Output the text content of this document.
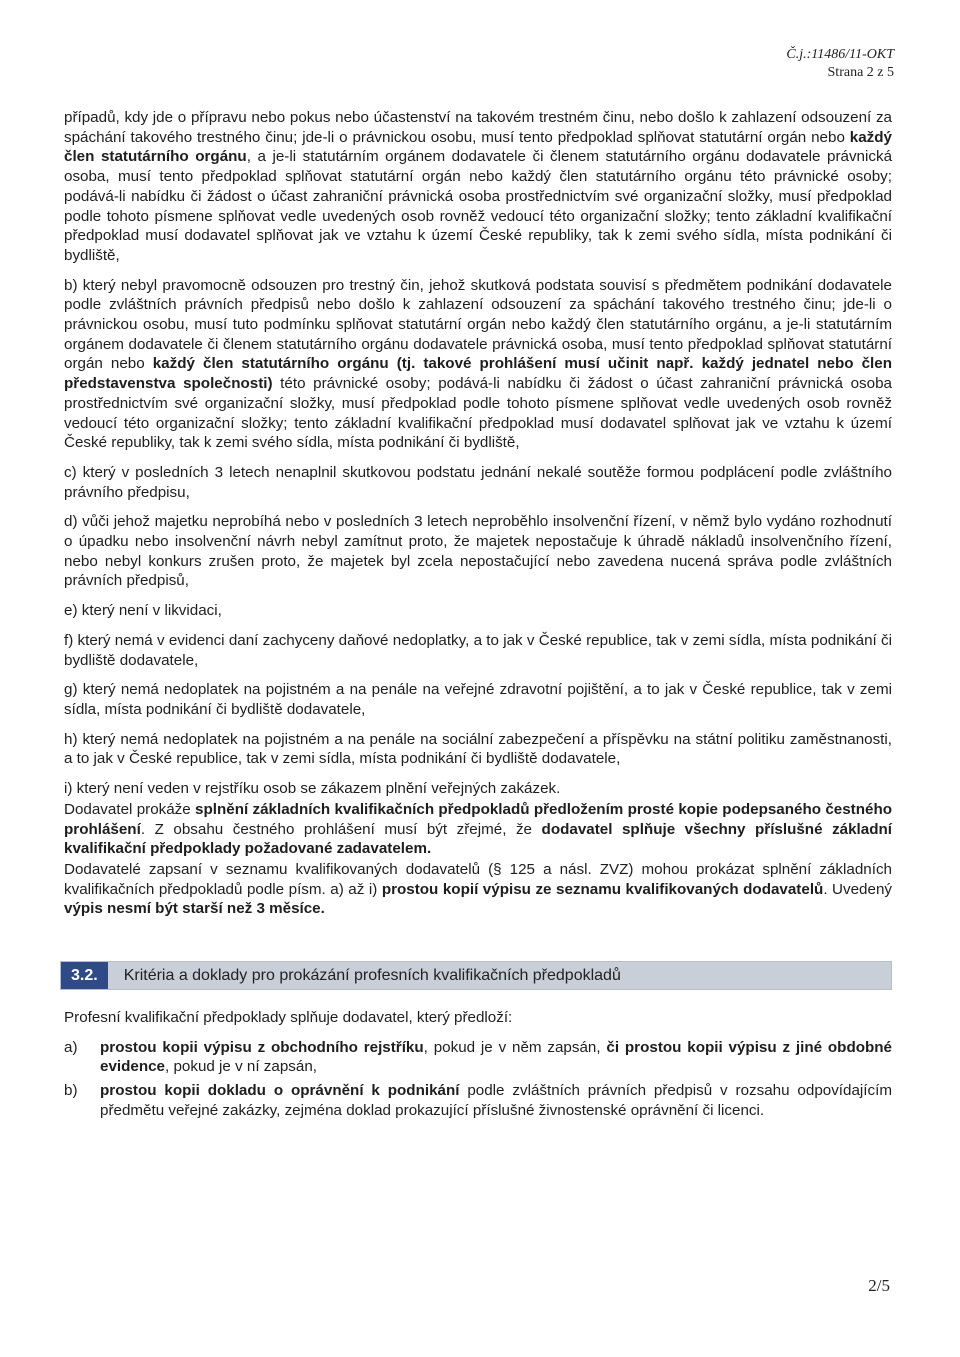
Č.j.:11486/11-OKT
Strana 2 z 5

případů, kdy jde o přípravu nebo pokus nebo účastenství na takovém trestném činu, nebo došlo k zahlazení odsouzení za spáchání takového trestného činu; jde-li o právnickou osobu, musí tento předpoklad splňovat statutární orgán nebo každý člen statutárního orgánu, a je-li statutárním orgánem dodavatele či členem statutárního orgánu dodavatele právnická osoba, musí tento předpoklad splňovat statutární orgán nebo každý člen statutárního orgánu této právnické osoby; podává-li nabídku či žádost o účast zahraniční právnická osoba prostřednictvím své organizační složky, musí předpoklad podle tohoto písmene splňovat vedle uvedených osob rovněž vedoucí této organizační složky; tento základní kvalifikační předpoklad musí dodavatel splňovat jak ve vztahu k území České republiky, tak k zemi svého sídla, místa podnikání či bydliště,

b) který nebyl pravomocně odsouzen pro trestný čin, jehož skutková podstata souvisí s předmětem podnikání dodavatele podle zvláštních právních předpisů nebo došlo k zahlazení odsouzení za spáchání takového trestného činu; jde-li o právnickou osobu, musí tuto podmínku splňovat statutární orgán nebo každý člen statutárního orgánu, a je-li statutárním orgánem dodavatele či členem statutárního orgánu dodavatele právnická osoba, musí tento předpoklad splňovat statutární orgán nebo každý člen statutárního orgánu (tj. takové prohlášení musí učinit např. každý jednatel nebo člen představenstva společnosti) této právnické osoby; podává-li nabídku či žádost o účast zahraniční právnická osoba prostřednictvím své organizační složky, musí předpoklad podle tohoto písmene splňovat vedle uvedených osob rovněž vedoucí této organizační složky; tento základní kvalifikační předpoklad musí dodavatel splňovat jak ve vztahu k území České republiky, tak k zemi svého sídla, místa podnikání či bydliště,

c) který v posledních 3 letech nenaplnil skutkovou podstatu jednání nekalé soutěže formou podplácení podle zvláštního právního předpisu,

d) vůči jehož majetku neprobíhá nebo v posledních 3 letech neproběhlo insolvenční řízení, v němž bylo vydáno rozhodnutí o úpadku nebo insolvenční návrh nebyl zamítnut proto, že majetek nepostačuje k úhradě nákladů insolvenčního řízení, nebo nebyl konkurs zrušen proto, že majetek byl zcela nepostačující nebo zavedena nucená správa podle zvláštních právních předpisů,

e) který není v likvidaci,

f) který nemá v evidenci daní zachyceny daňové nedoplatky, a to jak v České republice, tak v zemi sídla, místa podnikání či bydliště dodavatele,

g) který nemá nedoplatek na pojistném a na penále na veřejné zdravotní pojištění, a to jak v České republice, tak v zemi sídla, místa podnikání či bydliště dodavatele,

h) který nemá nedoplatek na pojistném a na penále na sociální zabezpečení a příspěvku na státní politiku zaměstnanosti, a to jak v České republice, tak v zemi sídla, místa podnikání či bydliště dodavatele,

i) který není veden v rejstříku osob se zákazem plnění veřejných zakázek.

Dodavatel prokáže splnění základních kvalifikačních předpokladů předložením prosté kopie podepsaného čestného prohlášení. Z obsahu čestného prohlášení musí být zřejmé, že dodavatel splňuje všechny příslušné základní kvalifikační předpoklady požadované zadavatelem.

Dodavatelé zapsaní v seznamu kvalifikovaných dodavatelů (§ 125 a násl. ZVZ) mohou prokázat splnění základních kvalifikačních předpokladů podle písm. a) až i) prostou kopií výpisu ze seznamu kvalifikovaných dodavatelů. Uvedený výpis nesmí být starší než 3 měsíce.

3.2.	Kritéria a doklady pro prokázání profesních kvalifikačních předpokladů

Profesní kvalifikační předpoklady splňuje dodavatel, který předloží:

a)	prostou kopii výpisu z obchodního rejstříku, pokud je v něm zapsán, či prostou kopii výpisu z jiné obdobné evidence, pokud je v ní zapsán,
b)	prostou kopii dokladu o oprávnění k podnikání podle zvláštních právních předpisů v rozsahu odpovídajícím předmětu veřejné zakázky, zejména doklad prokazující příslušné živnostenské oprávnění či licenci.
2/5
